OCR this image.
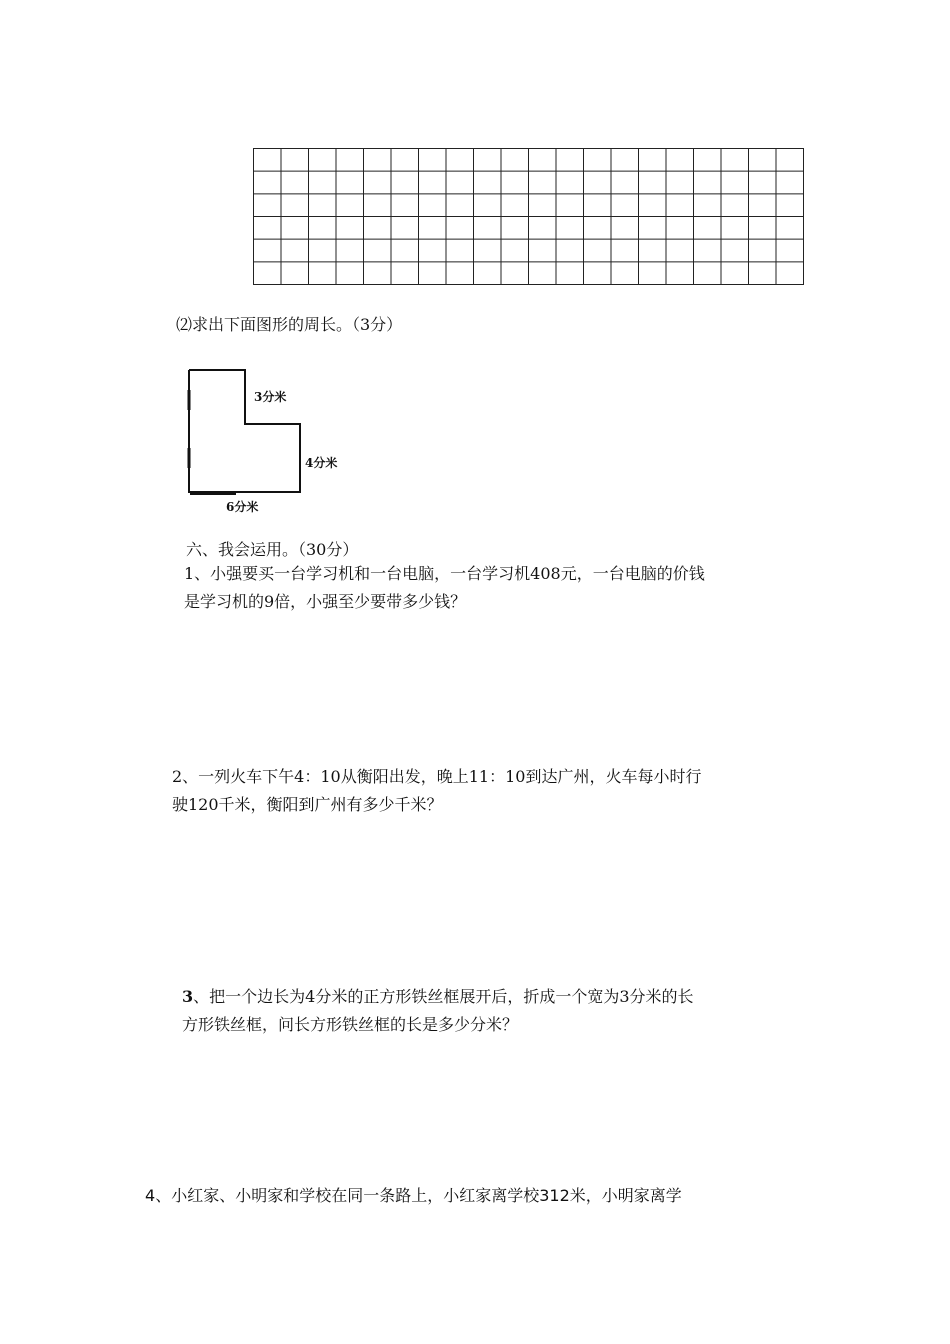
⑵求出下面图形的周长。（3分）
3分米
4分米
6分米
六、我会运用。（30分）
1、小强要买一台学习机和一台电脑，一台学习机408元，一台电脑的价钱
是学习机的9倍，小强至少要带多少钱？
2、一列火车下午4：10从衡阳出发，晚上11：10到达广州，火车每小时行
驶120千米，衡阳到广州有多少千米？
3、把一个边长为4分米的正方形铁丝框展开后，折成一个宽为3分米的长
方形铁丝框，问长方形铁丝框的长是多少分米？
4、小红家、小明家和学校在同一条路上，小红家离学校312米，小明家离学
